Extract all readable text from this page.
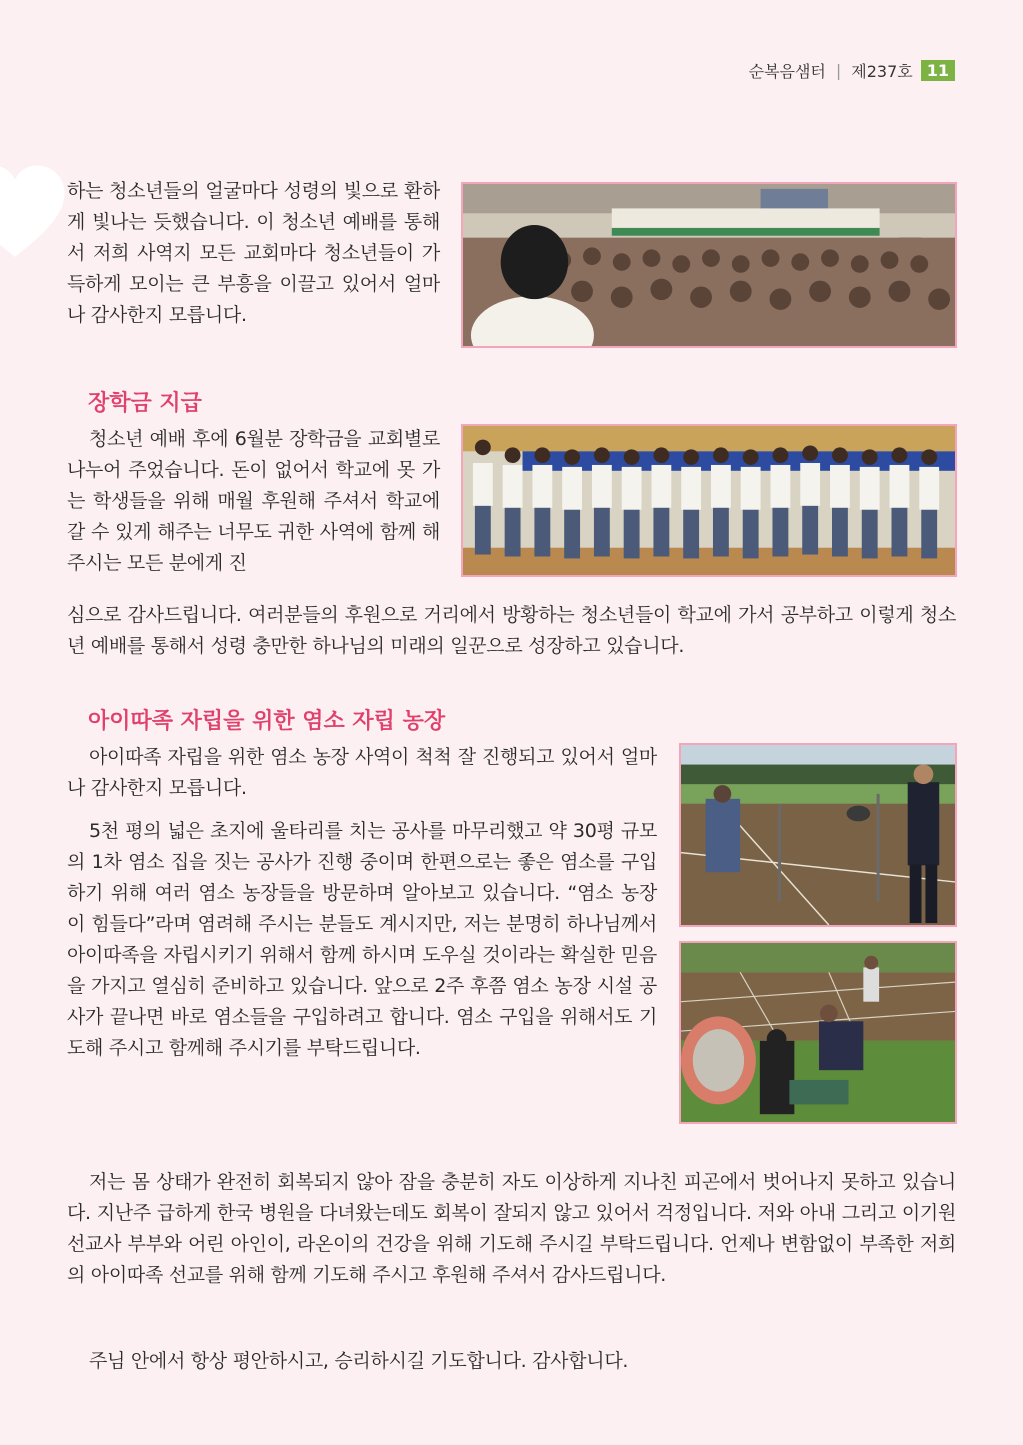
순복음샘터 | 제237호 11

하는 청소년들의 얼굴마다 성령의 빛으로 환하게 빛나는 듯했습니다. 이 청소년 예배를 통해서 저희 사역지 모든 교회마다 청소년들이 가득하게 모이는 큰 부흥을 이끌고 있어서 얼마나 감사한지 모릅니다.

장학금 지급

청소년 예배 후에 6월분 장학금을 교회별로 나누어 주었습니다. 돈이 없어서 학교에 못 가는 학생들을 위해 매월 후원해 주셔서 학교에 갈 수 있게 해주는 너무도 귀한 사역에 함께 해주시는 모든 분에게 진

심으로 감사드립니다. 여러분들의 후원으로 거리에서 방황하는 청소년들이 학교에 가서 공부하고 이렇게 청소년 예배를 통해서 성령 충만한 하나님의 미래의 일꾼으로 성장하고 있습니다.

아이따족 자립을 위한 염소 자립 농장

아이따족 자립을 위한 염소 농장 사역이 척척 잘 진행되고 있어서 얼마나 감사한지 모릅니다.

5천 평의 넓은 초지에 울타리를 치는 공사를 마무리했고 약 30평 규모의 1차 염소 집을 짓는 공사가 진행 중이며 한편으로는 좋은 염소를 구입하기 위해 여러 염소 농장들을 방문하며 알아보고 있습니다. “염소 농장이 힘들다”라며 염려해 주시는 분들도 계시지만, 저는 분명히 하나님께서 아이따족을 자립시키기 위해서 함께 하시며 도우실 것이라는 확실한 믿음을 가지고 열심히 준비하고 있습니다. 앞으로 2주 후쯤 염소 농장 시설 공사가 끝나면 바로 염소들을 구입하려고 합니다. 염소 구입을 위해서도 기도해 주시고 함께해 주시기를 부탁드립니다.

저는 몸 상태가 완전히 회복되지 않아 잠을 충분히 자도 이상하게 지나친 피곤에서 벗어나지 못하고 있습니다. 지난주 급하게 한국 병원을 다녀왔는데도 회복이 잘되지 않고 있어서 걱정입니다. 저와 아내 그리고 이기원 선교사 부부와 어린 아인이, 라온이의 건강을 위해 기도해 주시길 부탁드립니다. 언제나 변함없이 부족한 저희의 아이따족 선교를 위해 함께 기도해 주시고 후원해 주셔서 감사드립니다.

주님 안에서 항상 평안하시고, 승리하시길 기도합니다. 감사합니다.
